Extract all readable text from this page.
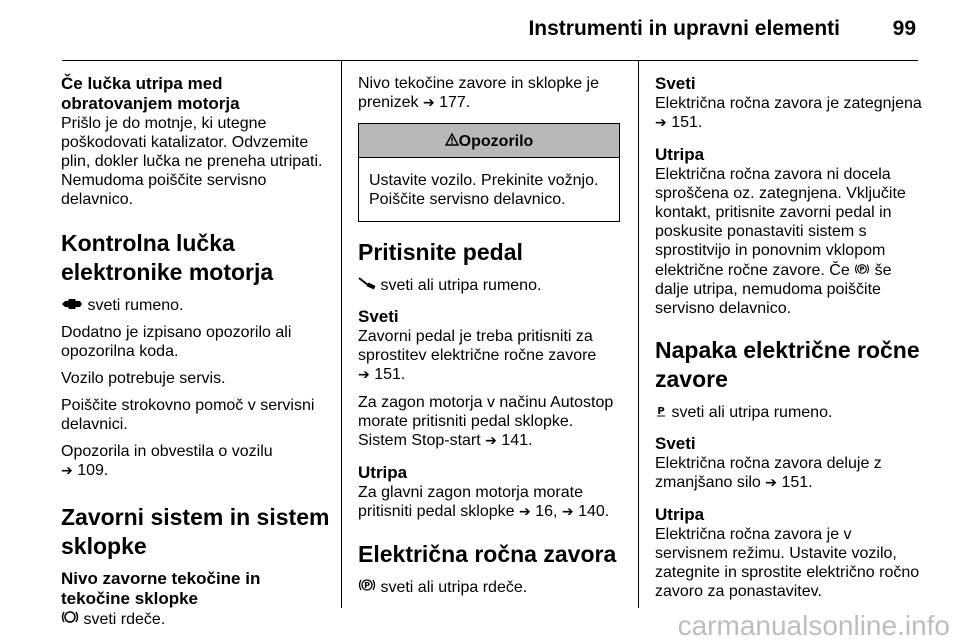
Instrumenti in upravni elementi	99
Če lučka utripa med
obratovanjem motorja

Prišlo je do motnje, ki utegne poškodovati katalizator. Odvzemite plin, dokler lučka ne preneha utripati. Nemudoma poiščite servisno delavnico.

Kontrolna lučka
elektronike motorja

sveti rumeno.

Dodatno je izpisano opozorilo ali opozorilna koda.

Vozilo potrebuje servis.

Poiščite strokovno pomoč v servisni delavnici.

Opozorila in obvestila o vozilu
➔ 109.

Zavorni sistem in sistem
sklopke
Nivo zavorne tekočine in
tekočine sklopke

sveti rdeče.

Nivo tekočine zavore in sklopke je prenizek ➔ 177.

Opozorilo
Ustavite vozilo. Prekinite vožnjo. Poiščite servisno delavnico.
Pritisnite pedal

sveti ali utripa rumeno.

Sveti

Zavorni pedal je treba pritisniti za sprostitev električne ročne zavore
➔ 151.

Za zagon motorja v načinu Autostop morate pritisniti pedal sklopke.
Sistem Stop-start ➔ 141.

Utripa

Za glavni zagon motorja morate pritisniti pedal sklopke ➔ 16, ➔ 140.

Električna ročna zavora

P sveti ali utripa rdeče.

Sveti

Električna ročna zavora je zategnjena
➔ 151.

Utripa

Električna ročna zavora ni docela sproščena oz. zategnjena. Vključite kontakt, pritisnite zavorni pedal in poskusite ponastaviti sistem s sprostitvijo in ponovnim vklopom električne ročne zavore. Če P še dalje utripa, nemudoma poiščite servisno delavnico.

Napaka električne ročne
zavore

P sveti ali utripa rumeno.

Sveti

Električna ročna zavora deluje z zmanjšano silo ➔ 151.

Utripa

Električna ročna zavora je v servisnem režimu. Ustavite vozilo, zategnite in sprostite električno ročno zavoro za ponastavitev.

carmanualsonline.info
